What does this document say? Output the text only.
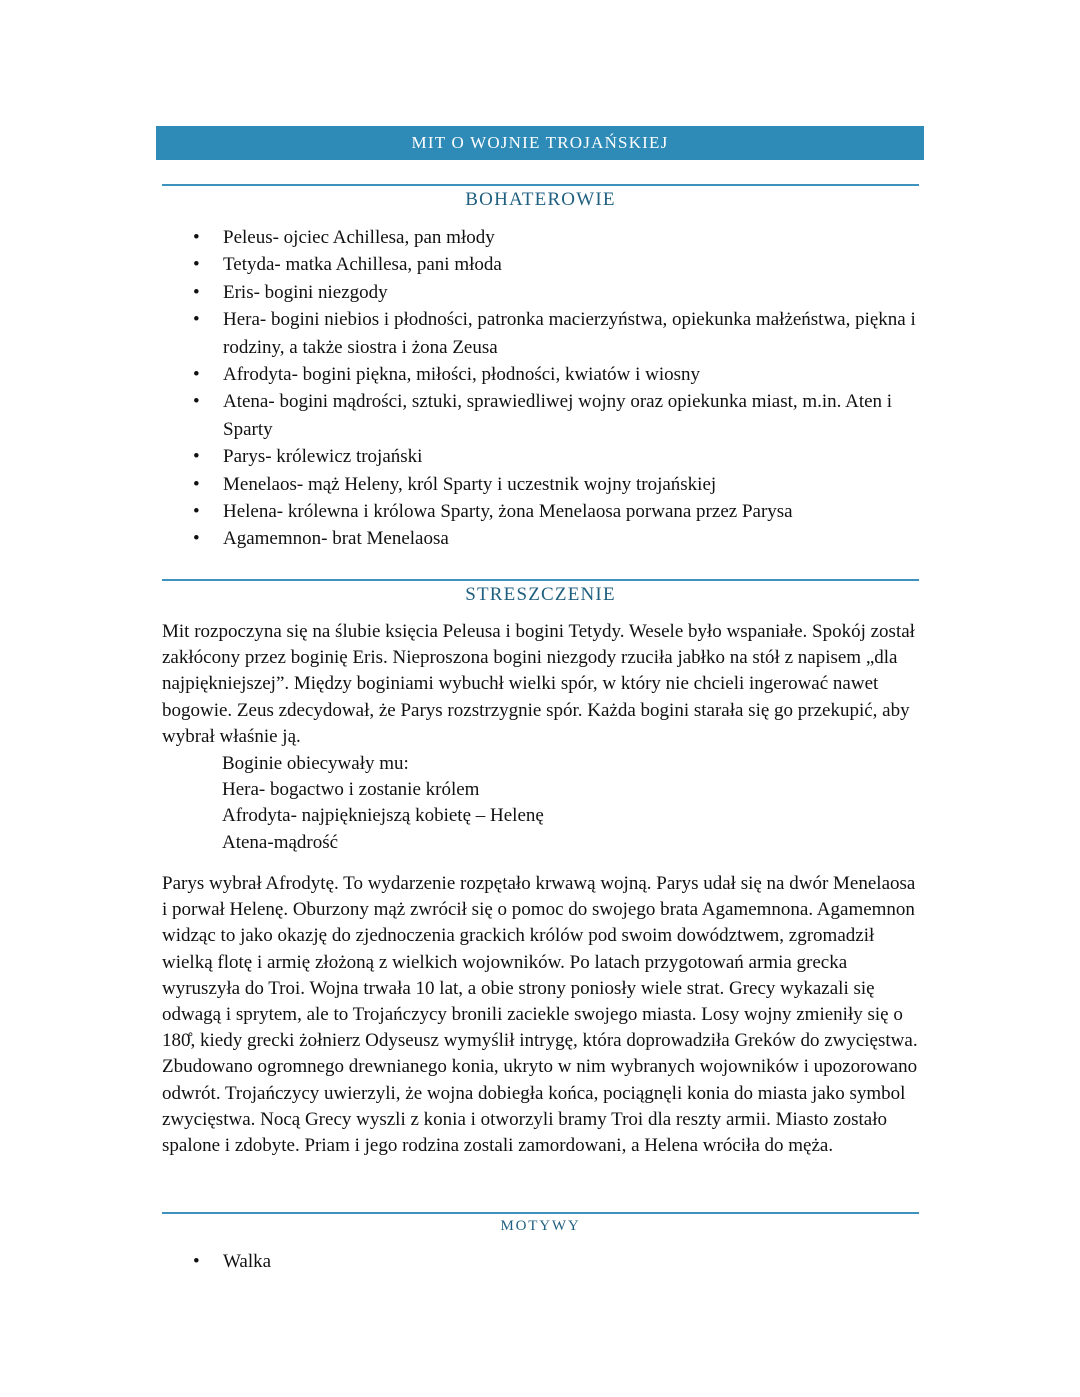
MIT O WOJNIE TROJAŃSKIEJ
BOHATEROWIE
• Peleus- ojciec Achillesa, pan młody
• Tetyda- matka Achillesa, pani młoda
• Eris- bogini niezgody
• Hera- bogini niebios i płodności, patronka macierzyństwa, opiekunka małżeństwa, piękna i rodziny, a także siostra i żona Zeusa
• Afrodyta- bogini piękna, miłości, płodności, kwiatów i wiosny
• Atena- bogini mądrości, sztuki, sprawiedliwej wojny oraz opiekunka miast, m.in. Aten i Sparty
• Parys- królewicz trojański
• Menelaos- mąż Heleny, król Sparty i uczestnik wojny trojańskiej
• Helena- królewna i królowa Sparty, żona Menelaosa porwana przez Parysa
• Agamemnon- brat Menelaosa
STRESZCZENIE

Mit rozpoczyna się na ślubie księcia Peleusa i bogini Tetydy. Wesele było wspaniałe. Spokój został zakłócony przez boginię Eris. Nieproszona bogini niezgody rzuciła jabłko na stół z napisem „dla najpiękniejszej”. Między boginiami wybuchł wielki spór, w który nie chcieli ingerować nawet bogowie. Zeus zdecydował, że Parys rozstrzygnie spór. Każda bogini starała się go przekupić, aby wybrał właśnie ją.

Boginie obiecywały mu:
Hera- bogactwo i zostanie królem
Afrodyta- najpiękniejszą kobietę – Helenę
Atena-mądrość

Parys wybrał Afrodytę. To wydarzenie rozpętało krwawą wojną. Parys udał się na dwór Menelaosa i porwał Helenę. Oburzony mąż zwrócił się o pomoc do swojego brata Agamemnona. Agamemnon widząc to jako okazję do zjednoczenia grackich królów pod swoim dowództwem, zgromadził wielką flotę i armię złożoną z wielkich wojowników. Po latach przygotowań armia grecka wyruszyła do Troi. Wojna trwała 10 lat, a obie strony poniosły wiele strat. Grecy wykazali się odwagą i sprytem, ale to Trojańczycy bronili zaciekle swojego miasta. Losy wojny zmieniły się o 180̊, kiedy grecki żołnierz Odyseusz wymyślił intrygę, która doprowadziła Greków do zwycięstwa. Zbudowano ogromnego drewnianego konia, ukryto w nim wybranych wojowników i upozorowano odwrót. Trojańczycy uwierzyli, że wojna dobiegła końca, pociągnęli konia do miasta jako symbol zwycięstwa. Nocą Grecy wyszli z konia i otworzyli bramy Troi dla reszty armii. Miasto zostało spalone i zdobyte. Priam i jego rodzina zostali zamordowani, a Helena wróciła do męża.

MOTYWY
• Walka
